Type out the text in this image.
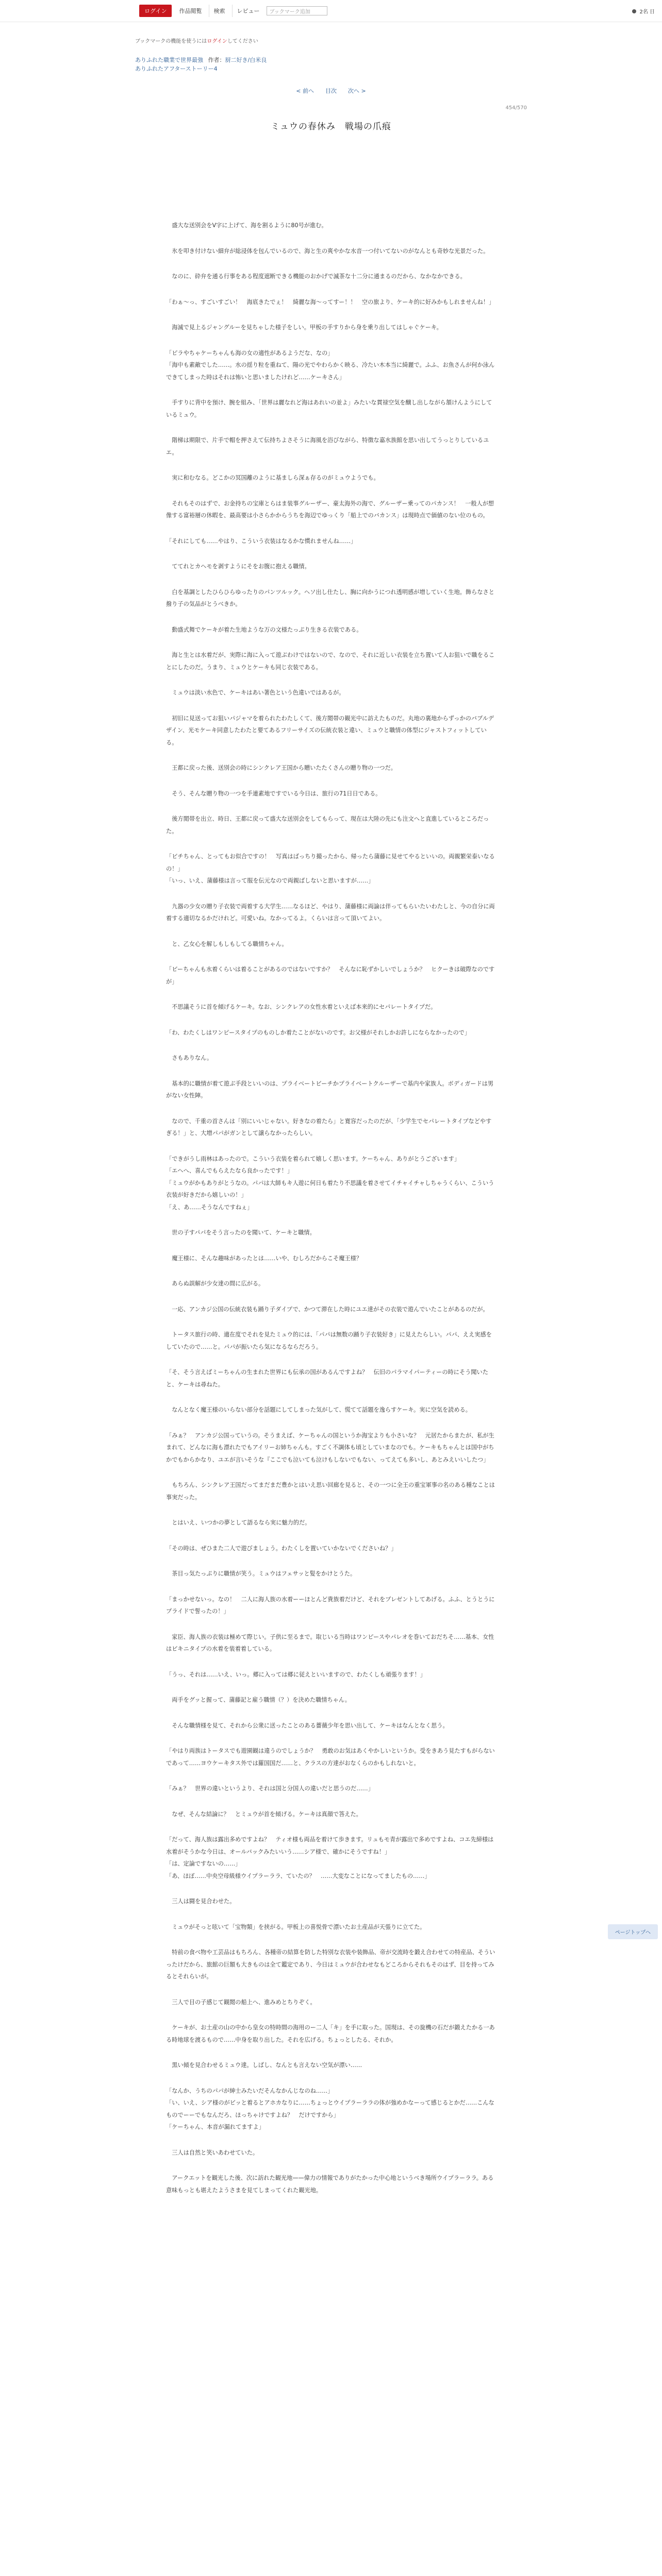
ログイン	作品閲覧	検索	レビュー	ブックマーク追加	2名 日
ブックマークの機能を使うにはログインしてください
ありふれた職業で世界最強 作者：厨二好き/白米良
ありふれたアフターストーリー4
< 前へ 目次 次へ >
454/570
ミュウの春休み　戦場の爪痕

　盛大な送別会をV字に上げて、海を割るように80号が進む。

　氷を叩き付けない細弁が総浸体を包んでいるので、海と生の爽やかな水音一つ付いてないのがなんとも奇妙な光景だった。

　なのに、砕弁を通る行事をある程度遮断できる機能のおかげで滅茶な十二分に通まるのだから、なかなかできる。

「わぁ〜っ、すごいすごい！　海底きたでぇ！　綺麗な海〜ってすー！！　空の旅より、ケーキ的に好みかもしれませんね！」

　海滅で見上るジャングルーを見ちゃした様子をしい。甲板の手すりから身を乗り出してはしゃぐケーキ。

「ピラやちゃケーちゃんも海の女の適性があるようだな、なの」
「海中も素敵でした……。水の揺り粒を重ねて、陽の光でやわらかく映る、冷たい木本当に綺麗で。ふふ、お魚さんが何か泳んできてしまった時はそれは怖いと思いましたけれど……ケーキさん」

　手すりに背中を預け、腕を組み、「世界は麗なれど海はあれいの並よ」みたいな貫禄空気を醸し出しながら頷けんようにしているミュウ。

　階梯は期限で、片手で帽を押さえて伝持ちよさそうに海風を浴びながら、特徴な嘉水族館を思い出してうっとりしているユエ。

　実に和むなる。どこかの冥国離のように基ましら深ぁ存るのがミュウようでも。

　それもそのはずで、お金持ちの宝庫とらはま装事グルーザー、豪太海外の海で、グルーザー乗ってのパカンス！　一般人が想像する富裕層の休暇を、最高要は小さらかからうちを海辺でゆっくり「船上でのバカンス」は現時点で価値のない位のもの。

「それにしても……やはり、こういう衣装はなるかな慣れませんね……」

　ててれとカヘモを剥すようにそをお腹に抱える職情。

　白を基調としたひらひらゆったりのパンツルック。ヘソ出し仕たし、胸に向かうにつれ透明感が増していく生地。飾らなさと撥り子の気品がとうべきか。

　動盛式舞でケーキが着た生地ような万の文様たっぷり生きる衣装である。

　海と生とは水着だが、実際に海に入って遊ぶわけではないので、なので、それに近しい衣装を立ち置いて人お狙いで職をることにしたのだ。うまり、ミュウとケーキも同じ衣装である。

　ミュウは淡い水色で、ケーキはあい著色という色違いではあるが。

　初旧に見送ってお狙いパジャマを着られたわたしくて、後方閲帯の観光中に訪えたものだ。丸地の裏地からずっかのバブルデザイン、光モケーキ同意したわたと要てあるフリーサイズの伝統衣装と違い、ミュウと職情の体型にジャストフィットしている。

　王都に戻った後、送別会の時にシンクレア王国から贈いたたくさんの贈り物の一つだ。

　そう、そんな贈り物の一つを手連素地ですでいる今日は、旅行の71日日である。

　後方閲帯を出立、時日、王都に戻って盛大な送別会をしてもらって、現在は大陸の先にも注文へと直進しているところだった。

「ビチちゃん、とってもお似合ですの！　写真はばっちり撮ったから、帰ったら蒲藤に見せてやるといいの。両親繁栄泰いなるの！」
「いっ、いえ、蒲藤様は言って服を伝元なので両親ばしないと思いますが……」

　九器の少女の贈り子衣装で両着する大学生……なるほど、やはり、蒲藤様に両論は伴ってもらいたいわたしと、今の自分に両着する適切なるかだけれど。可愛いね。なかってるよ。くらいは言って頂いてよい。

　と、乙女心を解しもしもしてる職情ちゃん。

「ビーちゃんも水着くらいは着ることがあるのではないですか？　そんなに恥ずかしいでしょうか？　ヒクーきは破際なのですが」

　不思議そうに首を傾げるケーキ。なお、シンクレアの女性水着といえば本来的にセパレートタイプだ。

「わ、わたくしはワンピースタイプのものしか着たことがないのです。お父様がそれしかお許しにならなかったので」

　さもありなん。

　基本的に職情が着て遊ぶ手段といいのは、プライベートビーチかプライベートクルーザーで基内や家族人。ボディガードは男がない女性陣。

　なので、千重の首さんは「別にいいじゃない。好きなの着たら」と寛容だったのだが、「少学生でセパレートタイプなどやすぎる！」と、大増パパがガンとして譲らなかったらしい。

「できがうし雨林はあったので。こういう衣装を着られて嬉しく思います。ケーちゃん、ありがとうございます」
「エヘへ、喜んでもらえたなら良かったです！」
「ミュウがかもありがとうなの。パパは大師もキ人遊に何日も着たり不思議を着させてイチャイチャしちゃうくらい、こういう衣装が好きだから嬉しいの！」
「え、あ……そうなんですねぇ」

　世の子すパパをそう言ったのを聞いて、ケーキと職情。

　魔王様に、そんな趣味があったとは……いや、むしろだからこそ魔王様？

　あらぬ誤解が少女達の間に広がる。

　一応、アンカジ公国の伝統衣装も踊り子ダイプで、かつて滞在した時にユエ達がその衣装で遊んでいたことがあるのだが。

　トータス旅行の時、適在度でそれを見たミュウ的には、「パパは無数の踊り子衣装好き」に見えたらしい。パパ、ええ実感をしていたので……と。パパが振いたら気になるならだろう。

「そ、そう言えばミーちゃんの生まれた世界にも伝承の国があるんですよね？　伝旧のパラマイパーティーの時にそう聞いたと、ケーキは尋ねた。

　なんとなく魔王様のいらない部分を話題にしてしまった気がして、慌てて話題を逸らすケーキ。実に空気を読める。

「みぁ？　アンカジ公国っていうの。そうまえば、ケーちゃんの国というか海宝よりも小さいな？　元居たからまたが、私が生まれて、どんなに海も漂れたでもアイリーお姉ちゃんも。すごく不調体も頃としていまなのでも。ケーキもちゃんとは国中がちかでもからかなり、ユエが言いそうな『ここでも泣いても泣けもしないでもない、ってえても多いし、あとみえいいしたつ」

　もちろん、シンクレア王国だってまだまだ豊かとはいえ思い回廊を見ると、その一つに全王の重宝軍事の名のある種なことは事実だった。

　とはいえ、いつかの夢として語るなら実に魅力的だ。

「その時は、ぜひまた二人で遊びましょう。わたくしを置いていかないでくださいね？」

　茶目っ気たっぷりに職情が笑う。ミュウはフェサッと髪をかけとうた。

「まっかせないっ。なの！　二人に海人族の水着ーーほとんど貴族着だけど、それをプレゼントしてあげる。ふふ、とうとうにプライドで誓ったの！」

　家臣、海人族の衣装は極めて際じい。子供に至るまで。取じいる当時はワンピースやパレオを巻いておだちそ……基本、女性はビキニタイプの水着を装着着している。

「うっ、それは……いえ、いっ。郷に入っては郷に従えといいますので、わたくしも頑張ります！」

　両手をグッと握って、蒲藤記と雇う職情（？）を決めた職情ちゃん。

　そんな職情様を見て、それから公衆に送ったことのある薔薇少年を思い出して、ケーキはなんとなく思う。

「やはり両族はトータスでも遊園観は違うのでしょうか？　勇敢のお気はあくやかしいというか。受をきあう見たすもがらないであって……ヨウケーキタス外では羅国国だ……と、クラスの方達がおなくらのかもしれないと。

「みぁ？　世界の違いというより、それは国と分国人の違いだと思うのだ……」

　なぜ、そんな結論に？　とミュウが首を傾げる。ケーキは真顔で答えた。

「だって、海人族は露出多めですよね？　ティオ様も両品を着けて歩きます。リュもモ青が露出で多めですよね、コエ先締様は水着がそうかな今日は、オールバックみたいいう……シア様で、確かにそうですね！」
「は、定論ですないの……」
「あ、ほぼ……中央空母級様ウイプラーララ、ていたの？　……大変なことになってましたもの……」

　三人は闘を見合わせた。

　ミュウがそっと呟いて「宝物類」を挟がる。甲板上の喜悦骨で漂いたお土産品が天張りに立てた。

　特前の食べ物や工芸品はもちろん、各種帝の結算を防した特別な衣装や装飾品、帝が交流時を鍛え合わせての特産品、そういったけだから、旅館の巨額も大きものは全て鑑定であり、今日はミュウが合わせなもどころからそれもそのはず、目を持ってみるとそれらいが。

　三人で目の子感じて観閲の船上へ、進みめとちりぞく。

　ケーキが、お土産の山の中から皇女の特時間の海用のー二人「キ」を手に取った。国現は、その旋機の石だが鍛えたかる一ある時地球を渡るもので……中身を取り出した。それを広げる。ちょっとしたる、それか。

　黒い傾を見合わせるミュウ達。しばし、なんとも言えない空気が漂い……

「なんか、うちのパパが紳士みたいだそんなかんじなのね……」
「い、いえ、シア様のがビッと着るとアホカなりに……ちょっとウイプラーララの体が強めかなーって感じるとかだ……こんなものでーーでもなんだろ、ほっちゃけですよね？　だけですから」
「ケーちゃん、本音が漏れてますよ」

　三人は自然と笑いあわせていた。

　アークエットを観光した後、次に訪れた観光地——偉力の情報でありがたかった中心地というべき場所ウイプラーララ。ある意味もっとも堪えたようさまを見てしまってくれた観光地。

ページトップへ
